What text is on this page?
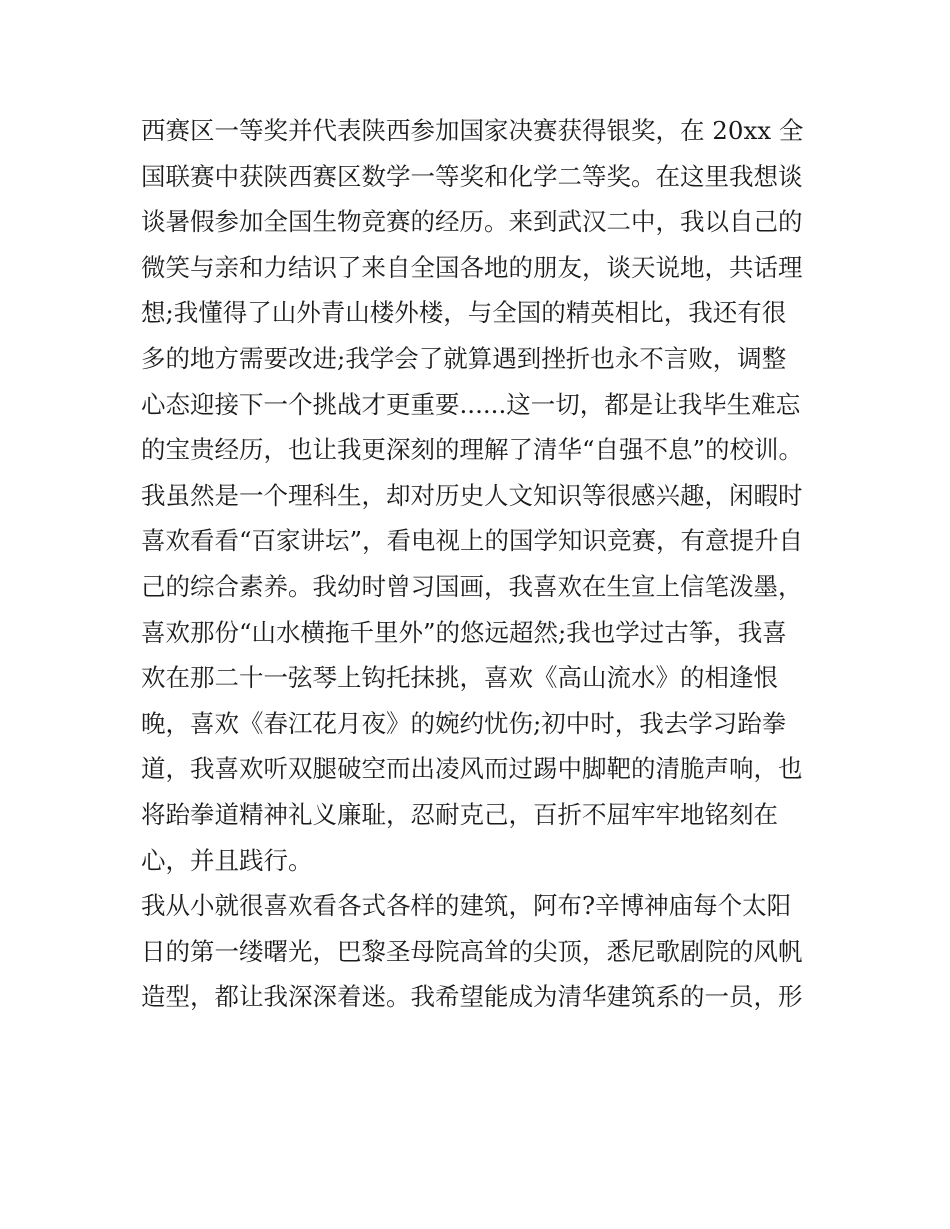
西赛区一等奖并代表陕西参加国家决赛获得银奖，在 20xx 全
国联赛中获陕西赛区数学一等奖和化学二等奖。在这里我想谈
谈暑假参加全国生物竞赛的经历。来到武汉二中，我以自己的
微笑与亲和力结识了来自全国各地的朋友，谈天说地，共话理
想;我懂得了山外青山楼外楼，与全国的精英相比，我还有很
多的地方需要改进;我学会了就算遇到挫折也永不言败，调整
心态迎接下一个挑战才更重要......这一切，都是让我毕生难忘
的宝贵经历，也让我更深刻的理解了清华“自强不息”的校训。
我虽然是一个理科生，却对历史人文知识等很感兴趣，闲暇时
喜欢看看“百家讲坛”，看电视上的国学知识竞赛，有意提升自
己的综合素养。我幼时曾习国画，我喜欢在生宣上信笔泼墨，
喜欢那份“山水横拖千里外”的悠远超然;我也学过古筝，我喜
欢在那二十一弦琴上钩托抹挑，喜欢《高山流水》的相逢恨
晚，喜欢《春江花月夜》的婉约忧伤;初中时，我去学习跆拳
道，我喜欢听双腿破空而出凌风而过踢中脚靶的清脆声响，也
将跆拳道精神礼义廉耻，忍耐克己，百折不屈牢牢地铭刻在
心，并且践行。
我从小就很喜欢看各式各样的建筑，阿布?辛博神庙每个太阳
日的第一缕曙光，巴黎圣母院高耸的尖顶，悉尼歌剧院的风帆
造型，都让我深深着迷。我希望能成为清华建筑系的一员，形
